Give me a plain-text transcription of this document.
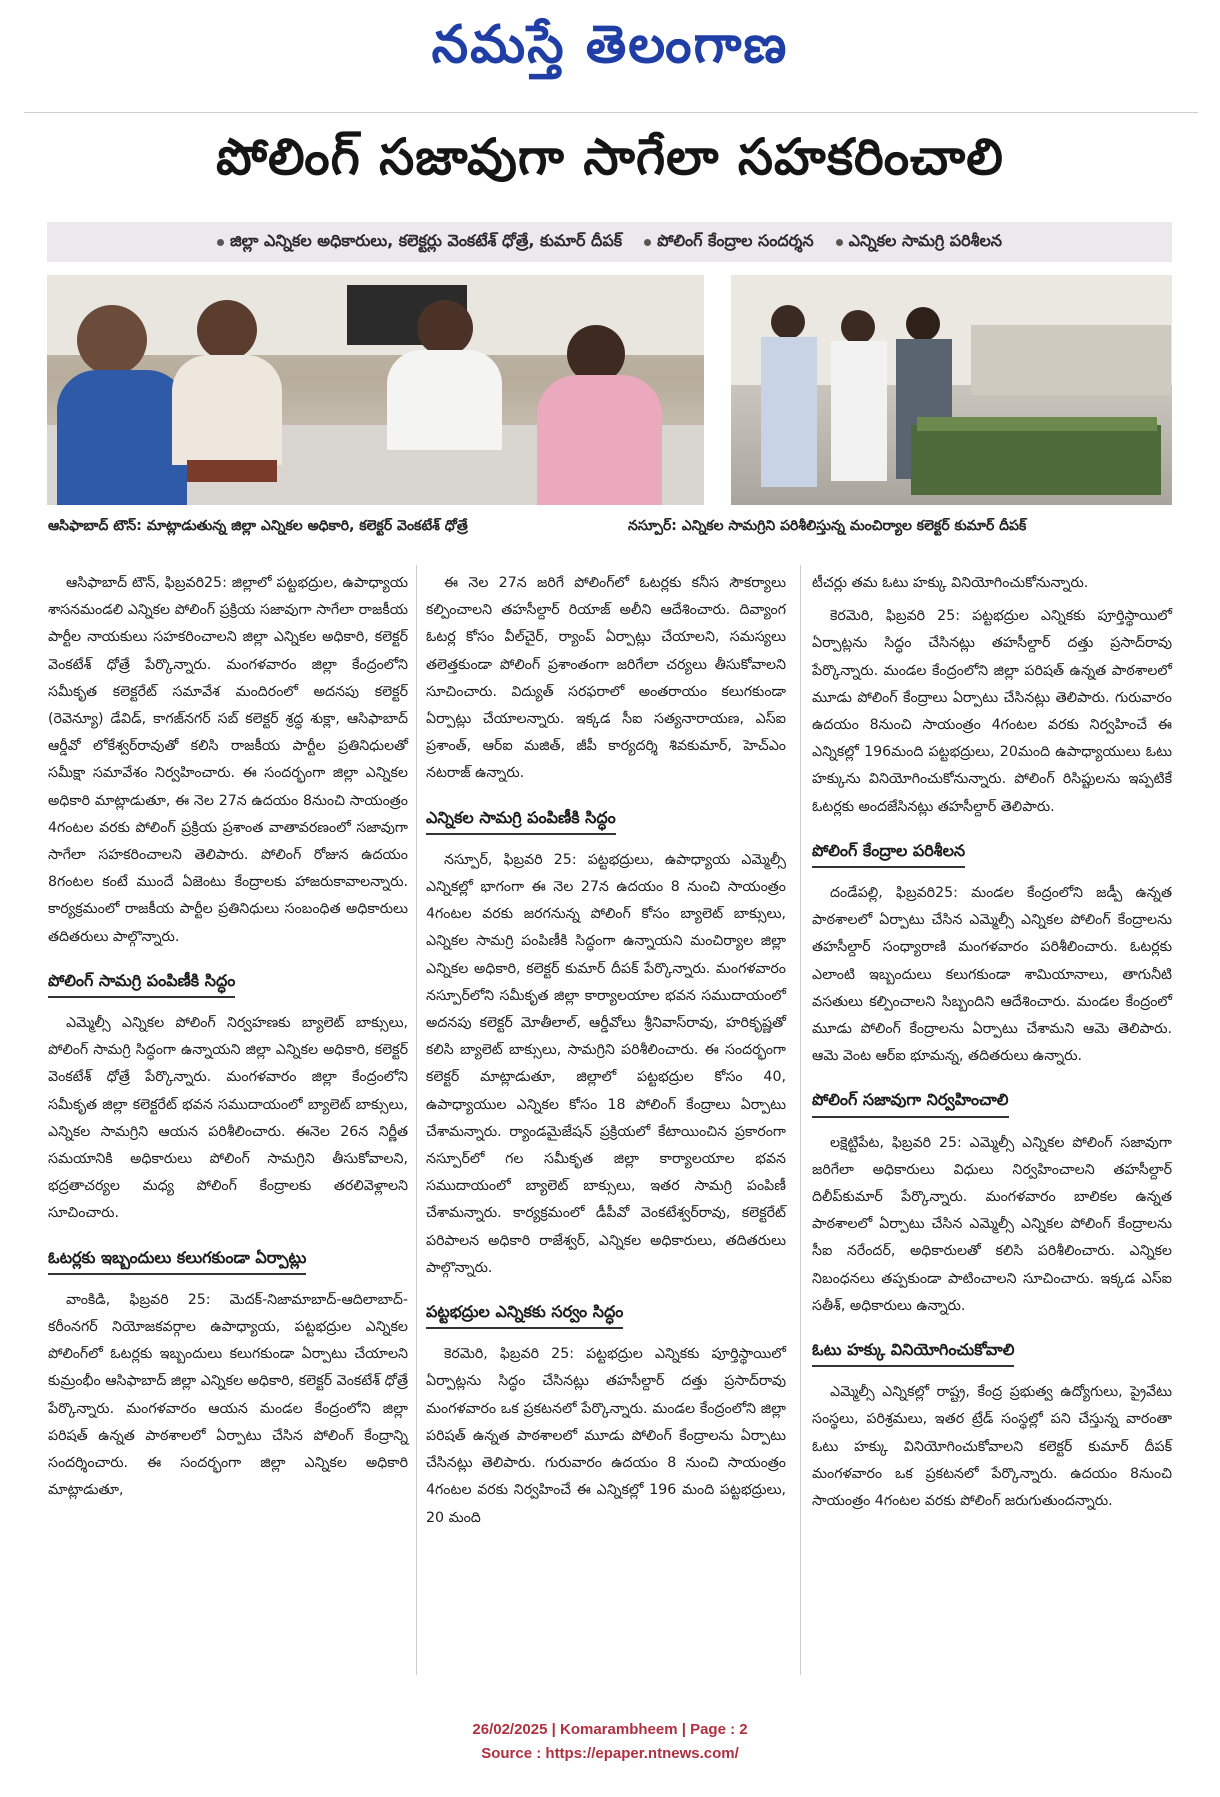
నమస్తే తెలంగాణ
పోలింగ్ సజావుగా సాగేలా సహకరించాలి
జిల్లా ఎన్నికల అధికారులు, కలెక్టర్లు వెంకటేశ్ ధోత్రే, కుమార్ దీపక్ పోలింగ్ కేంద్రాల సందర్శన ఎన్నికల సామగ్రి పరిశీలన
ఆసిఫాబాద్ టౌన్: మాట్లాడుతున్న జిల్లా ఎన్నికల అధికారి, కలెక్టర్ వెంకటేశ్ ధోత్రే	నస్పూర్: ఎన్నికల సామగ్రిని పరిశీలిస్తున్న మంచిర్యాల కలెక్టర్ కుమార్ దీపక్

ఆసిఫాబాద్ టౌన్, ఫిబ్రవరి25: జిల్లాలో పట్టభద్రుల, ఉపాధ్యాయ శాసనమండలి ఎన్నికల పోలింగ్ ప్రక్రియ సజావుగా సాగేలా రాజకీయ పార్టీల నాయకులు సహకరించాలని జిల్లా ఎన్నికల అధికారి, కలెక్టర్ వెంకటేశ్ ధోత్రే పేర్కొన్నారు. మంగళవారం జిల్లా కేంద్రంలోని సమీకృత కలెక్టరేట్ సమావేశ మందిరంలో అదనపు కలెక్టర్ (రెవెన్యూ) డేవిడ్, కాగజ్‌నగర్ సబ్ కలెక్టర్ శ్రద్ధ శుక్లా, ఆసిఫాబాద్ ఆర్డీవో లోకేశ్వర్‌రావుతో కలిసి రాజకీయ పార్టీల ప్రతినిధులతో సమీక్షా సమావేశం నిర్వహించారు. ఈ సందర్భంగా జిల్లా ఎన్నికల అధికారి మాట్లాడుతూ, ఈ నెల 27న ఉదయం 8నుంచి సాయంత్రం 4గంటల వరకు పోలింగ్ ప్రక్రియ ప్రశాంత వాతావరణంలో సజావుగా సాగేలా సహకరించాలని తెలిపారు. పోలింగ్ రోజున ఉదయం 8గంటల కంటే ముందే ఏజెంటు కేంద్రాలకు హాజరుకావాలన్నారు. కార్యక్రమంలో రాజకీయ పార్టీల ప్రతినిధులు సంబంధిత అధికారులు తదితరులు పాల్గొన్నారు.

పోలింగ్ సామగ్రి పంపిణీకి సిద్ధం

ఎమ్మెల్సీ ఎన్నికల పోలింగ్ నిర్వహణకు బ్యాలెట్ బాక్సులు, పోలింగ్ సామగ్రి సిద్ధంగా ఉన్నాయని జిల్లా ఎన్నికల అధికారి, కలెక్టర్ వెంకటేశ్ ధోత్రే పేర్కొన్నారు. మంగళవారం జిల్లా కేంద్రంలోని సమీకృత జిల్లా కలెక్టరేట్ భవన సముదాయంలో బ్యాలెట్ బాక్సులు, ఎన్నికల సామగ్రిని ఆయన పరిశీలించారు. ఈనెల 26న నిర్ణీత సమయానికి అధికారులు పోలింగ్ సామగ్రిని తీసుకోవాలని, భద్రతాచర్యల మధ్య పోలింగ్ కేంద్రాలకు తరలివెళ్లాలని సూచించారు.

ఓటర్లకు ఇబ్బందులు కలుగకుండా ఏర్పాట్లు

వాంకిడి, ఫిబ్రవరి 25: మెదక్-నిజామాబాద్-ఆదిలాబాద్-కరీంనగర్ నియోజకవర్గాల ఉపాధ్యాయ, పట్టభద్రుల ఎన్నికల పోలింగ్‌లో ఓటర్లకు ఇబ్బందులు కలుగకుండా ఏర్పాటు చేయాలని కుమ్రంభీం ఆసిఫాబాద్ జిల్లా ఎన్నికల అధికారి, కలెక్టర్ వెంకటేశ్ ధోత్రే పేర్కొన్నారు. మంగళవారం ఆయన మండల కేంద్రంలోని జిల్లా పరిషత్ ఉన్నత పాఠశాలలో ఏర్పాటు చేసిన పోలింగ్ కేంద్రాన్ని సందర్శించారు. ఈ సందర్భంగా జిల్లా ఎన్నికల అధికారి మాట్లాడుతూ,

ఈ నెల 27న జరిగే పోలింగ్‌లో ఓటర్లకు కనీస సౌకర్యాలు కల్పించాలని తహసీల్దార్ రియాజ్ అలీని ఆదేశించారు. దివ్యాంగ ఓటర్ల కోసం వీల్‌చైర్, ర్యాంప్ ఏర్పాట్లు చేయాలని, సమస్యలు తలెత్తకుండా పోలింగ్ ప్రశాంతంగా జరిగేలా చర్యలు తీసుకోవాలని సూచించారు. విద్యుత్ సరఫరాలో అంతరాయం కలుగకుండా ఏర్పాట్లు చేయాలన్నారు. ఇక్కడ సీఐ సత్యనారాయణ, ఎస్ఐ ప్రశాంత్, ఆర్ఐ మజిత్, జీపీ కార్యదర్శి శివకుమార్, హెచ్ఎం నటరాజ్ ఉన్నారు.

ఎన్నికల సామగ్రి పంపిణీకి సిద్ధం

నస్పూర్, ఫిబ్రవరి 25: పట్టభద్రులు, ఉపాధ్యాయ ఎమ్మెల్సీ ఎన్నికల్లో భాగంగా ఈ నెల 27న ఉదయం 8 నుంచి సాయంత్రం 4గంటల వరకు జరగనున్న పోలింగ్ కోసం బ్యాలెట్ బాక్సులు, ఎన్నికల సామగ్రి పంపిణీకి సిద్ధంగా ఉన్నాయని మంచిర్యాల జిల్లా ఎన్నికల అధికారి, కలెక్టర్ కుమార్ దీపక్ పేర్కొన్నారు. మంగళవారం నస్పూర్‌లోని సమీకృత జిల్లా కార్యాలయాల భవన సముదాయంలో అదనపు కలెక్టర్ మోతీలాల్, ఆర్డీవోలు శ్రీనివాస్‌రావు, హరికృష్ణతో కలిసి బ్యాలెట్ బాక్సులు, సామగ్రిని పరిశీలించారు. ఈ సందర్భంగా కలెక్టర్ మాట్లాడుతూ, జిల్లాలో పట్టభద్రుల కోసం 40, ఉపాధ్యాయుల ఎన్నికల కోసం 18 పోలింగ్ కేంద్రాలు ఏర్పాటు చేశామన్నారు. ర్యాండమైజేషన్ ప్రక్రియలో కేటాయించిన ప్రకారంగా నస్పూర్‌లో గల సమీకృత జిల్లా కార్యాలయాల భవన సముదాయంలో బ్యాలెట్ బాక్సులు, ఇతర సామగ్రి పంపిణీ చేశామన్నారు. కార్యక్రమంలో డీపీవో వెంకటేశ్వర్‌రావు, కలెక్టరేట్ పరిపాలన అధికారి రాజేశ్వర్, ఎన్నికల అధికారులు, తదితరులు పాల్గొన్నారు.

పట్టభద్రుల ఎన్నికకు సర్వం సిద్ధం

కెరమెరి, ఫిబ్రవరి 25: పట్టభద్రుల ఎన్నికకు పూర్తిస్థాయిలో ఏర్పాట్లను సిద్ధం చేసినట్లు తహసీల్దార్ దత్తు ప్రసాద్‌రావు మంగళవారం ఒక ప్రకటనలో పేర్కొన్నారు. మండల కేంద్రంలోని జిల్లా పరిషత్ ఉన్నత పాఠశాలలో మూడు పోలింగ్ కేంద్రాలను ఏర్పాటు చేసినట్లు తెలిపారు. గురువారం ఉదయం 8 నుంచి సాయంత్రం 4గంటల వరకు నిర్వహించే ఈ ఎన్నికల్లో 196 మంది పట్టభద్రులు, 20 మంది

టీచర్లు తమ ఓటు హక్కు వినియోగించుకోనున్నారు.

కెరమెరి, ఫిబ్రవరి 25: పట్టభద్రుల ఎన్నికకు పూర్తిస్థాయిలో ఏర్పాట్లను సిద్ధం చేసినట్లు తహసీల్దార్ దత్తు ప్రసాద్‌రావు పేర్కొన్నారు. మండల కేంద్రంలోని జిల్లా పరిషత్ ఉన్నత పాఠశాలలో మూడు పోలింగ్ కేంద్రాలు ఏర్పాటు చేసినట్లు తెలిపారు. గురువారం ఉదయం 8నుంచి సాయంత్రం 4గంటల వరకు నిర్వహించే ఈ ఎన్నికల్లో 196మంది పట్టభద్రులు, 20మంది ఉపాధ్యాయులు ఓటు హక్కును వినియోగించుకోనున్నారు. పోలింగ్ రిసిప్టులను ఇప్పటికే ఓటర్లకు అందజేసినట్లు తహసీల్దార్ తెలిపారు.

పోలింగ్ కేంద్రాల పరిశీలన

దండేపల్లి, ఫిబ్రవరి25: మండల కేంద్రంలోని జడ్పీ ఉన్నత పాఠశాలలో ఏర్పాటు చేసిన ఎమ్మెల్సీ ఎన్నికల పోలింగ్ కేంద్రాలను తహసీల్దార్ సంధ్యారాణి మంగళవారం పరిశీలించారు. ఓటర్లకు ఎలాంటి ఇబ్బందులు కలుగకుండా శామియానాలు, తాగునీటి వసతులు కల్పించాలని సిబ్బందిని ఆదేశించారు. మండల కేంద్రంలో మూడు పోలింగ్ కేంద్రాలను ఏర్పాటు చేశామని ఆమె తెలిపారు. ఆమె వెంట ఆర్ఐ భూమన్న, తదితరులు ఉన్నారు.

పోలింగ్ సజావుగా నిర్వహించాలి

లక్షెట్టిపేట, ఫిబ్రవరి 25: ఎమ్మెల్సీ ఎన్నికల పోలింగ్ సజావుగా జరిగేలా అధికారులు విధులు నిర్వహించాలని తహసీల్దార్ దిలీప్‌కుమార్ పేర్కొన్నారు. మంగళవారం బాలికల ఉన్నత పాఠశాలలో ఏర్పాటు చేసిన ఎమ్మెల్సీ ఎన్నికల పోలింగ్ కేంద్రాలను సీఐ నరేందర్, అధికారులతో కలిసి పరిశీలించారు. ఎన్నికల నిబంధనలు తప్పకుండా పాటించాలని సూచించారు. ఇక్కడ ఎస్ఐ సతీశ్, అధికారులు ఉన్నారు.

ఓటు హక్కు వినియోగించుకోవాలి

ఎమ్మెల్సీ ఎన్నికల్లో రాష్ట్ర, కేంద్ర ప్రభుత్వ ఉద్యోగులు, ప్రైవేటు సంస్థలు, పరిశ్రమలు, ఇతర ట్రేడ్ సంస్థల్లో పని చేస్తున్న వారంతా ఓటు హక్కు వినియోగించుకోవాలని కలెక్టర్ కుమార్ దీపక్ మంగళవారం ఒక ప్రకటనలో పేర్కొన్నారు. ఉదయం 8నుంచి సాయంత్రం 4గంటల వరకు పోలింగ్ జరుగుతుందన్నారు.

26/02/2025 | Komarambheem | Page : 2
Source : https://epaper.ntnews.com/
